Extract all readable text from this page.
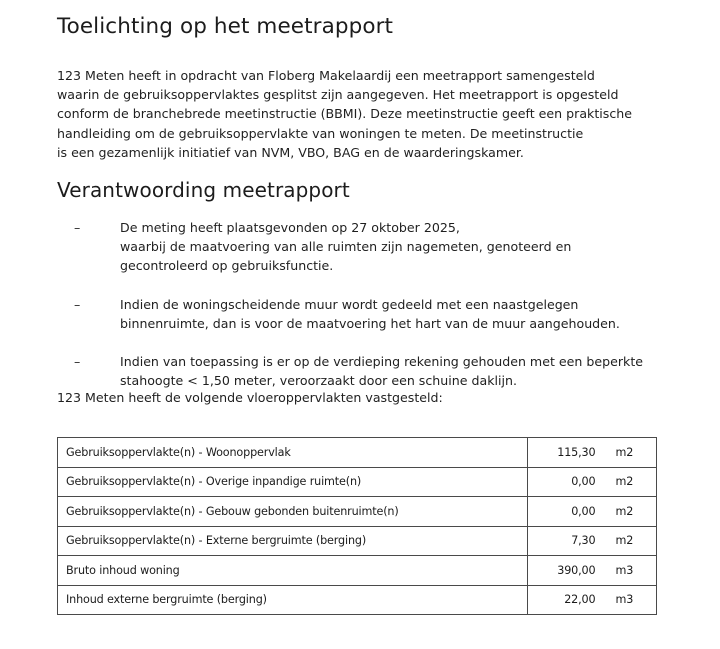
Toelichting op het meetrapport

123 Meten heeft in opdracht van Floberg Makelaardij een meetrapport samengesteld
waarin de gebruiksoppervlaktes gesplitst zijn aangegeven. Het meetrapport is opgesteld
conform de branchebrede meetinstructie (BBMI). Deze meetinstructie geeft een praktische
handleiding om de gebruiksoppervlakte van woningen te meten. De meetinstructie
is een gezamenlijk initiatief van NVM, VBO, BAG en de waarderingskamer.

Verantwoording meetrapport
–	De meting heeft plaatsgevonden op 27 oktober 2025,
waarbij de maatvoering van alle ruimten zijn nagemeten, genoteerd en
gecontroleerd op gebruiksfunctie.
–	Indien de woningscheidende muur wordt gedeeld met een naastgelegen
binnenruimte, dan is voor de maatvoering het hart van de muur aangehouden.
–	Indien van toepassing is er op de verdieping rekening gehouden met een beperkte
stahoogte < 1,50 meter, veroorzaakt door een schuine daklijn.

123 Meten heeft de volgende vloeroppervlakten vastgesteld:

Gebruiksoppervlakte(n) - Woonoppervlak	115,30	m2
Gebruiksoppervlakte(n) - Overige inpandige ruimte(n)	0,00	m2
Gebruiksoppervlakte(n) - Gebouw gebonden buitenruimte(n)	0,00	m2
Gebruiksoppervlakte(n) - Externe bergruimte (berging)	7,30	m2
Bruto inhoud woning	390,00	m3
Inhoud externe bergruimte (berging)	22,00	m3
